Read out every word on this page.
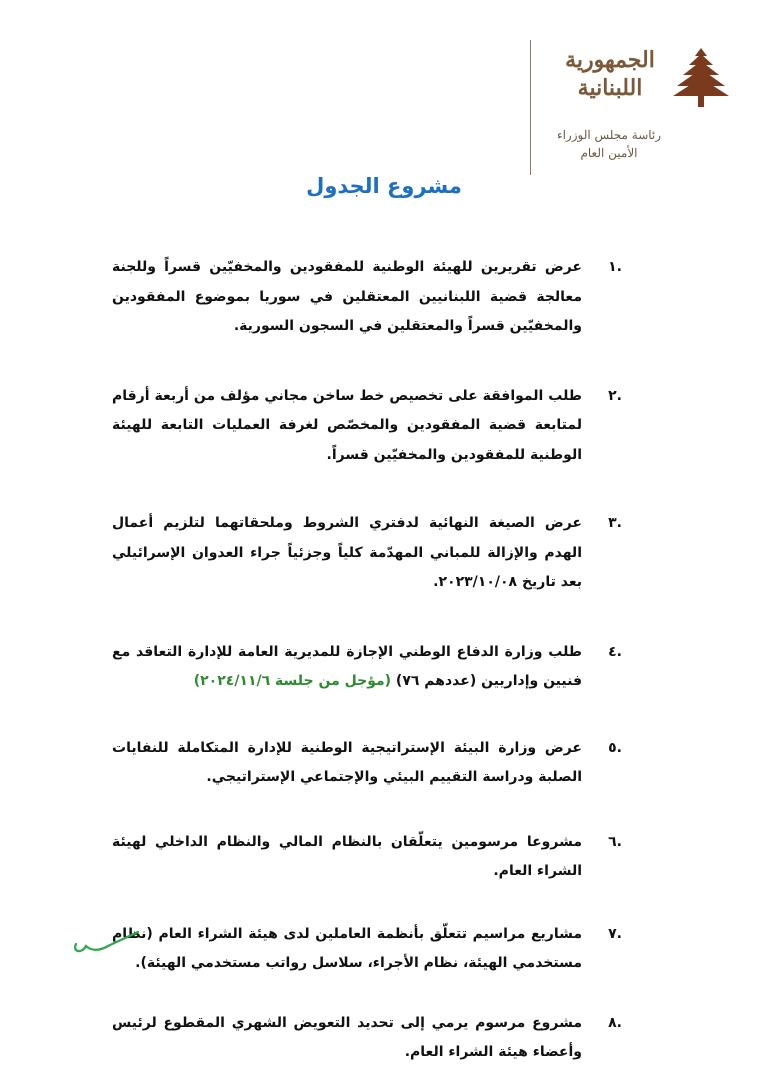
الجمهورية
اللبنانية
رئاسة مجلس الوزراء
الأمين العام
مشروع الجدول
.١
عرض تقريرين للهيئة الوطنية للمفقودين والمخفيّين قسراً وللجنة معالجة قضية اللبنانيين المعتقلين في سوريا بموضوع المفقودين والمخفيّين قسراً والمعتقلين في السجون السورية.
.٢
طلب الموافقة على تخصيص خط ساخن مجاني مؤلف من أربعة أرقام لمتابعة قضية المفقودين والمخصّص لغرفة العمليات التابعة للهيئة الوطنية للمفقودين والمخفيّين قسراً.
.٣
عرض الصيغة النهائية لدفتري الشروط وملحقاتهما لتلزيم أعمال الهدم والإزالة للمباني المهدّمة كلياً وجزئياً جراء العدوان الإسرائيلي بعد تاريخ ٢٠٢٣/١٠/٠٨.
.٤
طلب وزارة الدفاع الوطني الإجازة للمديرية العامة للإدارة التعاقد مع فنيين وإداريين (عددهم ٧٦) (مؤجل من جلسة ٢٠٢٤/١١/٦)
.٥
عرض وزارة البيئة الإستراتيجية الوطنية للإدارة المتكاملة للنفايات الصلبة ودراسة التقييم البيئي والإجتماعي الإستراتيجي.
.٦
مشروعا مرسومين يتعلّقان بالنظام المالي والنظام الداخلي لهيئة الشراء العام.
.٧
مشاريع مراسيم تتعلّق بأنظمة العاملين لدى هيئة الشراء العام (نظام مستخدمي الهيئة، نظام الأجراء، سلاسل رواتب مستخدمي الهيئة).
.٨
مشروع مرسوم يرمي إلى تحديد التعويض الشهري المقطوع لرئيس وأعضاء هيئة الشراء العام.
